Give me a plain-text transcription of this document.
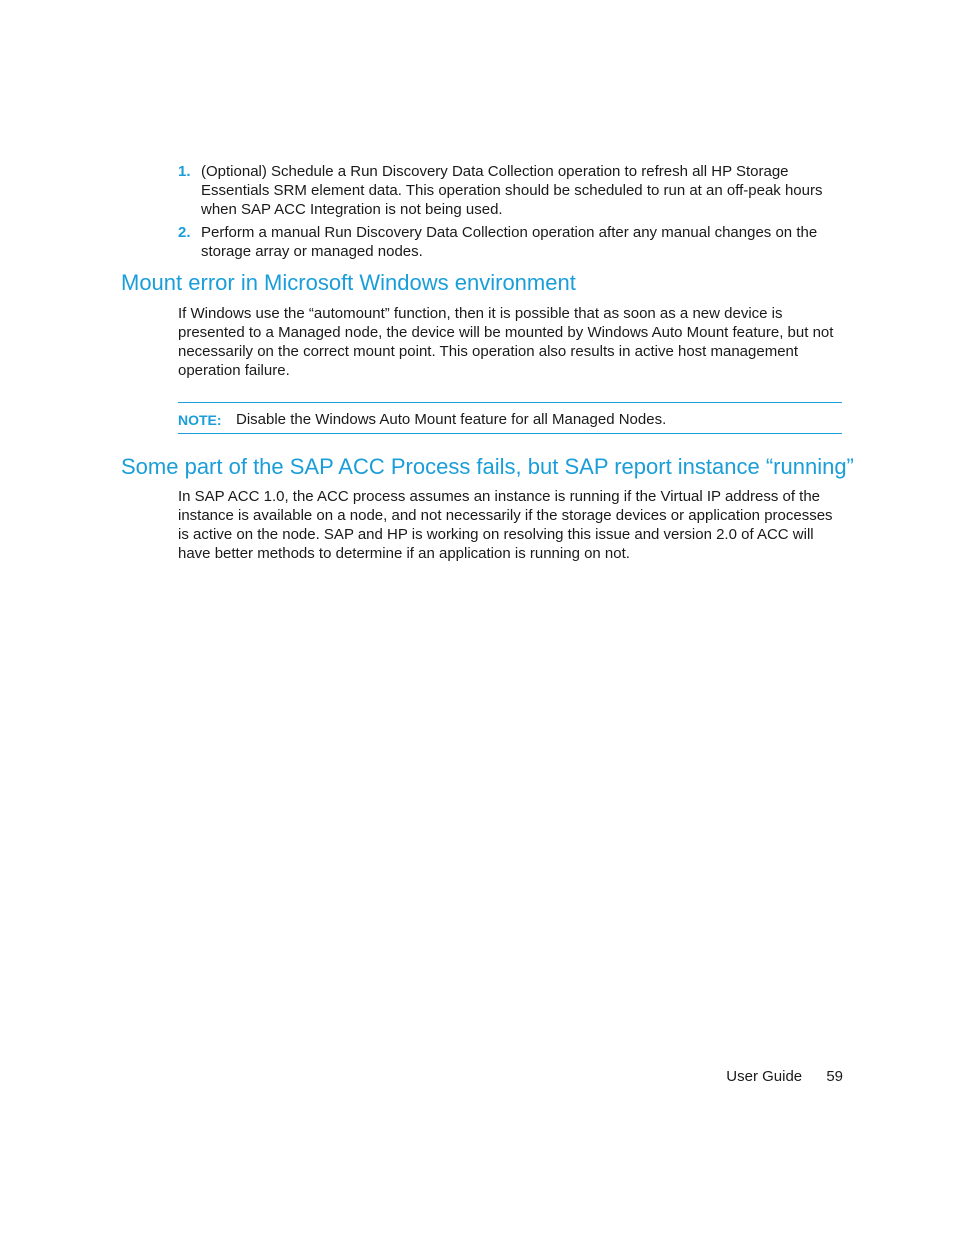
1. (Optional) Schedule a Run Discovery Data Collection operation to refresh all HP Storage Essentials SRM element data. This operation should be scheduled to run at an off-peak hours when SAP ACC Integration is not being used.
2. Perform a manual Run Discovery Data Collection operation after any manual changes on the storage array or managed nodes.
Mount error in Microsoft Windows environment

If Windows use the “automount” function, then it is possible that as soon as a new device is presented to a Managed node, the device will be mounted by Windows Auto Mount feature, but not necessarily on the correct mount point. This operation also results in active host management operation failure.

NOTE: Disable the Windows Auto Mount feature for all Managed Nodes.
Some part of the SAP ACC Process fails, but SAP report instance “running”

In SAP ACC 1.0, the ACC process assumes an instance is running if the Virtual IP address of the instance is available on a node, and not necessarily if the storage devices or application processes is active on the node. SAP and HP is working on resolving this issue and version 2.0 of ACC will have better methods to determine if an application is running on not.

User Guide 59
